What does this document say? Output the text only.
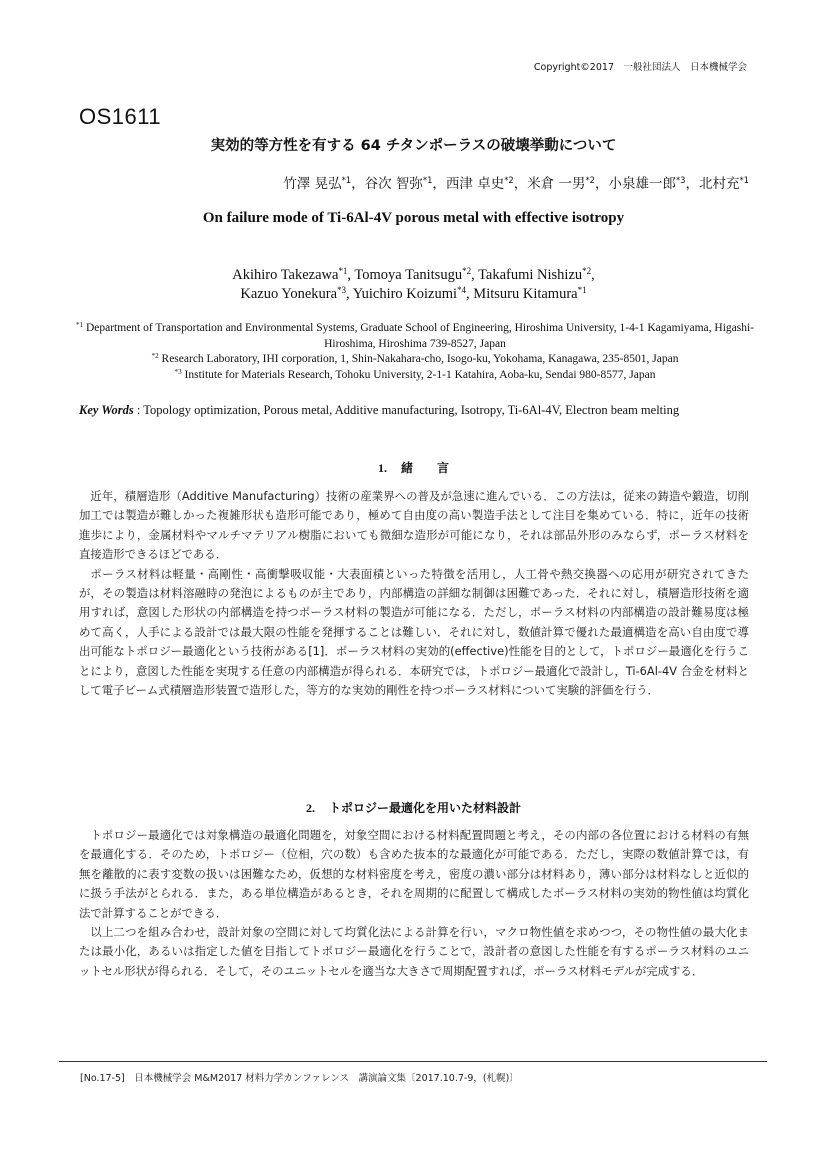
Copyright©2017　一般社団法人　日本機械学会
OS1611
実効的等方性を有する 64 チタンポーラスの破壊挙動について
竹澤 晃弘$^{*1}$，谷次 智弥$^{*1}$，西津 卓史$^{*2}$，米倉 一男$^{*2}$，小泉雄一郎$^{*3}$，北村充$^{*1}$
On failure mode of Ti-6Al-4V porous metal with effective isotropy
Akihiro Takezawa$^{*1}$, Tomoya Tanitsugu$^{*2}$, Takafumi Nishizu$^{*2}$,
Kazuo Yonekura$^{*3}$, Yuichiro Koizumi$^{*4}$, Mitsuru Kitamura$^{*1}$
$^{*1}$ Department of Transportation and Environmental Systems, Graduate School of Engineering, Hiroshima University, 1-4-1 Kagamiyama, Higashi-Hiroshima, Hiroshima 739-8527, Japan
$^{*2}$ Research Laboratory, IHI corporation, 1, Shin-Nakahara-cho, Isogo-ku, Yokohama, Kanagawa, 235-8501, Japan
$^{*3}$ Institute for Materials Research, Tohoku University, 2-1-1 Katahira, Aoba-ku, Sendai 980-8577, Japan
Key Words : Topology optimization, Porous metal, Additive manufacturing, Isotropy, Ti-6Al-4V, Electron beam melting
1. 緒　　言

近年，積層造形（Additive Manufacturing）技術の産業界への普及が急速に進んでいる．この方法は，従来の鋳造や鍛造，切削加工では製造が難しかった複雑形状も造形可能であり，極めて自由度の高い製造手法として注目を集めている．特に，近年の技術進歩により，金属材料やマルチマテリアル樹脂においても微細な造形が可能になり，それは部品外形のみならず，ポーラス材料を直接造形できるほどである．

ポーラス材料は軽量・高剛性・高衝撃吸収能・大表面積といった特徴を活用し，人工骨や熱交換器への応用が研究されてきたが，その製造は材料溶融時の発泡によるものが主であり，内部構造の詳細な制御は困難であった．それに対し，積層造形技術を適用すれば，意図した形状の内部構造を持つポーラス材料の製造が可能になる．ただし，ポーラス材料の内部構造の設計難易度は極めて高く，人手による設計では最大限の性能を発揮することは難しい．それに対し，数値計算で優れた最適構造を高い自由度で導出可能なトポロジー最適化という技術がある[1]．ポーラス材料の実効的(effective)性能を目的として，トポロジー最適化を行うことにより，意図した性能を実現する任意の内部構造が得られる．本研究では，トポロジー最適化で設計し，Ti-6Al-4V 合金を材料として電子ビーム式積層造形装置で造形した，等方的な実効的剛性を持つポーラス材料について実験的評価を行う．

2. トポロジー最適化を用いた材料設計

トポロジー最適化では対象構造の最適化問題を，対象空間における材料配置問題と考え，その内部の各位置における材料の有無を最適化する．そのため，トポロジー（位相，穴の数）も含めた抜本的な最適化が可能である．ただし，実際の数値計算では，有無を離散的に表す変数の扱いは困難なため，仮想的な材料密度を考え，密度の濃い部分は材料あり，薄い部分は材料なしと近似的に扱う手法がとられる．また，ある単位構造があるとき，それを周期的に配置して構成したポーラス材料の実効的物性値は均質化法で計算することができる．

以上二つを組み合わせ，設計対象の空間に対して均質化法による計算を行い，マクロ物性値を求めつつ，その物性値の最大化または最小化，あるいは指定した値を目指してトポロジー最適化を行うことで，設計者の意図した性能を有するポーラス材料のユニットセル形状が得られる．そして，そのユニットセルを適当な大きさで周期配置すれば，ポーラス材料モデルが完成する．

[No.17-5]　日本機械学会 M&M2017 材料力学カンファレンス　講演論文集〔2017.10.7-9，(札幌)〕
